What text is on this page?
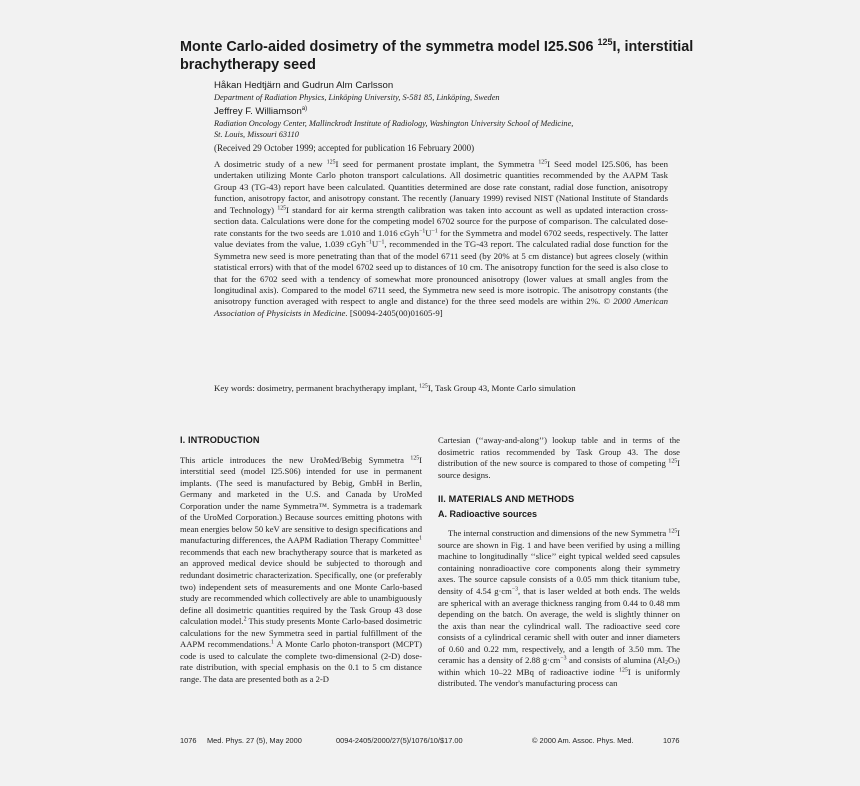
Monte Carlo-aided dosimetry of the symmetra model I25.S06 $^{125}$I, interstitial brachytherapy seed
Håkan Hedtjärn and Gudrun Alm Carlsson
Department of Radiation Physics, Linköping University, S-581 85, Linköping, Sweden
Jeffrey F. Williamson$^{a)}$
Radiation Oncology Center, Mallinckrodt Institute of Radiology, Washington University School of Medicine,
St. Louis, Missouri 63110
(Received 29 October 1999; accepted for publication 16 February 2000)

A dosimetric study of a new $^{125}$I seed for permanent prostate implant, the Symmetra $^{125}$I Seed model I25.S06, has been undertaken utilizing Monte Carlo photon transport calculations. All dosimetric quantities recommended by the AAPM Task Group 43 (TG-43) report have been calculated. Quantities determined are dose rate constant, radial dose function, anisotropy function, anisotropy factor, and anisotropy constant. The recently (January 1999) revised NIST (National Institute of Standards and Technology) $^{125}$I standard for air kerma strength calibration was taken into account as well as updated interaction cross-section data. Calculations were done for the competing model 6702 source for the purpose of comparison. The calculated dose-rate constants for the two seeds are 1.010 and 1.016 $cGyh^{-1}U^{-1}$ for the Symmetra and model 6702 seeds, respectively. The latter value deviates from the value, 1.039 $cGyh^{-1}U^{-1}$, recommended in the TG-43 report. The calculated radial dose function for the Symmetra new seed is more penetrating than that of the model 6711 seed (by 20% at 5 cm distance) but agrees closely (within statistical errors) with that of the model 6702 seed up to distances of 10 cm. The anisotropy function for the seed is also close to that for the 6702 seed with a tendency of somewhat more pronounced anisotropy (lower values at small angles from the longitudinal axis). Compared to the model 6711 seed, the Symmetra new seed is more isotropic. The anisotropy constants (the anisotropy function averaged with respect to angle and distance) for the three seed models are within 2%. © 2000 American Association of Physicists in Medicine. [S0094-2405(00)01605-9]

Key words: dosimetry, permanent brachytherapy implant, $^{125}$I, Task Group 43, Monte Carlo simulation
I. INTRODUCTION

This article introduces the new UroMed/Bebig Symmetra $^{125}$I interstitial seed (model I25.S06) intended for use in permanent implants. (The seed is manufactured by Bebig, GmbH in Berlin, Germany and marketed in the U.S. and Canada by UroMed Corporation under the name Symmetra™. Symmetra is a trademark of the UroMed Corporation.) Because sources emitting photons with mean energies below 50 keV are sensitive to design specifications and manufacturing differences, the AAPM Radiation Therapy Committee$^1$ recommends that each new brachytherapy source that is marketed as an approved medical device should be subjected to thorough and redundant dosimetric characterization. Specifically, one (or preferably two) independent sets of measurements and one Monte Carlo-based study are recommended which collectively are able to unambiguously define all dosimetric quantities required by the Task Group 43 dose calculation model.$^2$ This study presents Monte Carlo-based dosimetric calculations for the new Symmetra seed in partial fulfillment of the AAPM recommendations.$^1$ A Monte Carlo photon-transport (MCPT) code is used to calculate the complete two-dimensional (2-D) dose-rate distribution, with special emphasis on the 0.1 to 5 cm distance range. The data are presented both as a 2-D

Cartesian (‘‘away-and-along’’) lookup table and in terms of the dosimetric ratios recommended by Task Group 43. The dose distribution of the new source is compared to those of competing $^{125}$I source designs.

II. MATERIALS AND METHODS
A. Radioactive sources

The internal construction and dimensions of the new Symmetra $^{125}$I source are shown in Fig. 1 and have been verified by using a milling machine to longitudinally ‘‘slice’’ eight typical welded seed capsules containing nonradioactive core components along their symmetry axes. The source capsule consists of a 0.05 mm thick titanium tube, density of 4.54 $g\cdot cm^{-3}$, that is laser welded at both ends. The welds are spherical with an average thickness ranging from 0.44 to 0.48 mm depending on the batch. On average, the weld is slightly thinner on the axis than near the cylindrical wall. The radioactive seed core consists of a cylindrical ceramic shell with outer and inner diameters of 0.60 and 0.22 mm, respectively, and a length of 3.50 mm. The ceramic has a density of 2.88 $g\cdot cm^{-3}$ and consists of alumina $(Al_2O_3)$ within which 10–22 MBq of radioactive iodine $^{125}$I is uniformly distributed. The vendor's manufacturing process can

1076 Med. Phys. 27 (5), May 2000	0094-2405/2000/27(5)/1076/10/$17.00	© 2000 Am. Assoc. Phys. Med.	1076
